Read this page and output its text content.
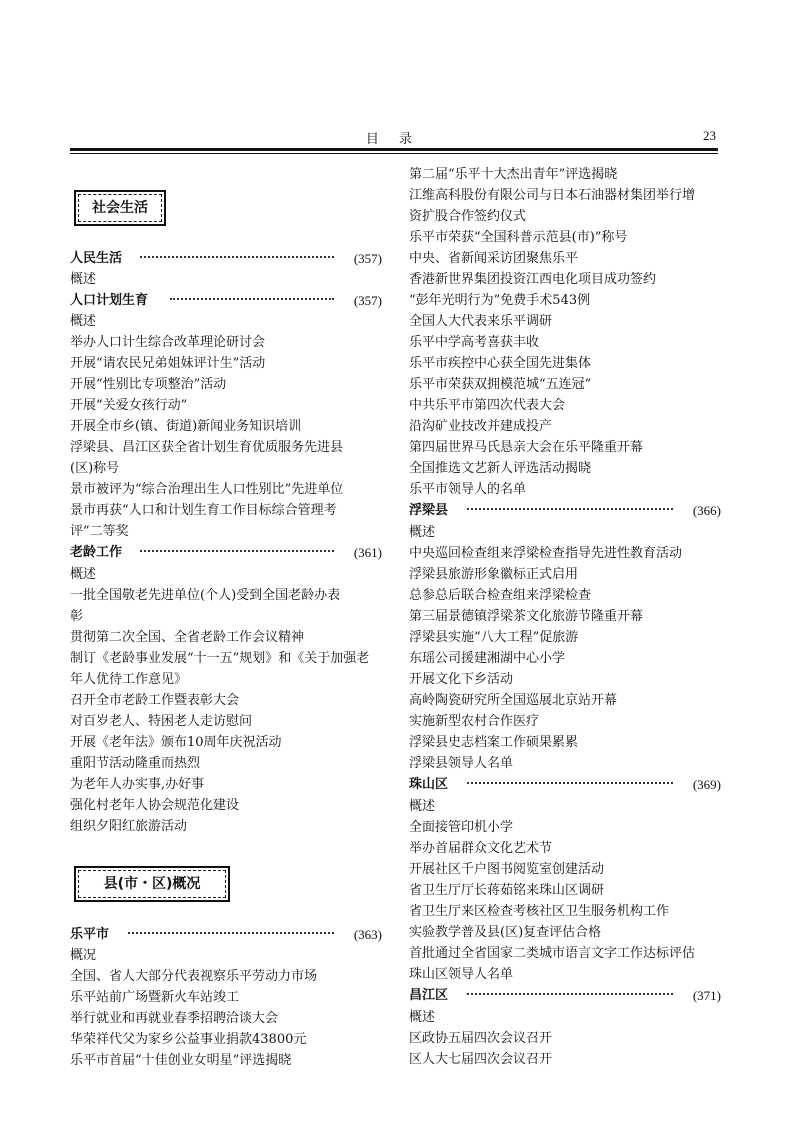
目 录	23
社会生活
人民生活	(357)
概述
人口计划生育	(357)
概述
举办人口计生综合改革理论研讨会
开展“请农民兄弟姐妹评计生”活动
开展“性别比专项整治”活动
开展“关爱女孩行动”
开展全市乡(镇、街道)新闻业务知识培训
浮梁县、昌江区获全省计划生育优质服务先进县
(区)称号
景市被评为“综合治理出生人口性别比”先进单位
景市再获“人口和计划生育工作目标综合管理考
评”二等奖
老龄工作	(361)
概述
一批全国敬老先进单位(个人)受到全国老龄办表
彰
贯彻第二次全国、全省老龄工作会议精神
制订《老龄事业发展“十一五”规划》和《关于加强老
年人优待工作意见》
召开全市老龄工作暨表彰大会
对百岁老人、特困老人走访慰问
开展《老年法》颁布10周年庆祝活动
重阳节活动隆重而热烈
为老年人办实事,办好事
强化村老年人协会规范化建设
组织夕阳红旅游活动
县(市・区)概况
乐平市	(363)
概况
全国、省人大部分代表视察乐平劳动力市场
乐平站前广场暨新火车站竣工
举行就业和再就业春季招聘洽谈大会
华荣祥代父为家乡公益事业捐款43800元
乐平市首届“十佳创业女明星”评选揭晓
第二届“乐平十大杰出青年”评选揭晓
江维高科股份有限公司与日本石油器材集团举行增
资扩股合作签约仪式
乐平市荣获“全国科普示范县(市)”称号
中央、省新闻采访团聚焦乐平
香港新世界集团投资江西电化项目成功签约
“彭年光明行为”免费手术543例
全国人大代表来乐平调研
乐平中学高考喜获丰收
乐平市疾控中心获全国先进集体
乐平市荣获双拥模范城“五连冠”
中共乐平市第四次代表大会
沿沟矿业技改并建成投产
第四届世界马氏恳亲大会在乐平隆重开幕
全国推选文艺新人评选活动揭晓
乐平市领导人的名单
浮梁县	(366)
概述
中央巡回检查组来浮梁检查指导先进性教育活动
浮梁县旅游形象徽标正式启用
总参总后联合检查组来浮梁检查
第三届景德镇浮梁茶文化旅游节隆重开幕
浮梁县实施“八大工程”促旅游
东瑶公司援建湘湖中心小学
开展文化下乡活动
高岭陶瓷研究所全国巡展北京站开幕
实施新型农村合作医疗
浮梁县史志档案工作硕果累累
浮梁县领导人名单
珠山区	(369)
概述
全面接管印机小学
举办首届群众文化艺术节
开展社区千户图书阅览室创建活动
省卫生厅厅长蒋茹铭来珠山区调研
省卫生厅来区检查考核社区卫生服务机构工作
实验教学普及县(区)复查评估合格
首批通过全省国家二类城市语言文字工作达标评估
珠山区领导人名单
昌江区	(371)
概述
区政协五届四次会议召开
区人大七届四次会议召开
